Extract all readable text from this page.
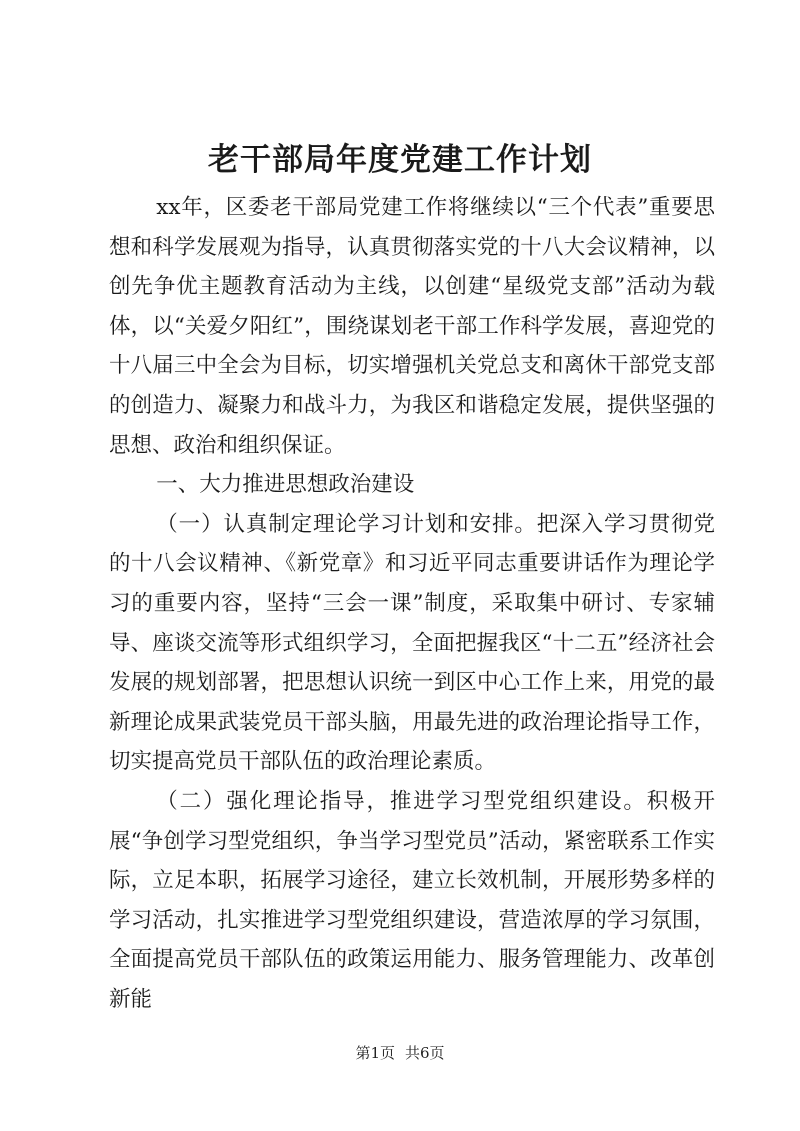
老干部局年度党建工作计划

xx年，区委老干部局党建工作将继续以“三个代表”重要思想和科学发展观为指导，认真贯彻落实党的十八大会议精神，以创先争优主题教育活动为主线，以创建“星级党支部”活动为载体，以“关爱夕阳红”，围绕谋划老干部工作科学发展，喜迎党的十八届三中全会为目标，切实增强机关党总支和离休干部党支部的创造力、凝聚力和战斗力，为我区和谐稳定发展，提供坚强的思想、政治和组织保证。

一、大力推进思想政治建设

（一）认真制定理论学习计划和安排。把深入学习贯彻党的十八会议精神、《新党章》和习近平同志重要讲话作为理论学习的重要内容，坚持“三会一课”制度，采取集中研讨、专家辅导、座谈交流等形式组织学习，全面把握我区“十二五”经济社会发展的规划部署，把思想认识统一到区中心工作上来，用党的最新理论成果武装党员干部头脑，用最先进的政治理论指导工作，切实提高党员干部队伍的政治理论素质。

（二）强化理论指导，推进学习型党组织建设。积极开展“争创学习型党组织，争当学习型党员”活动，紧密联系工作实际，立足本职，拓展学习途径，建立长效机制，开展形势多样的学习活动，扎实推进学习型党组织建设，营造浓厚的学习氛围，全面提高党员干部队伍的政策运用能力、服务管理能力、改革创新能

第1页 共6页
